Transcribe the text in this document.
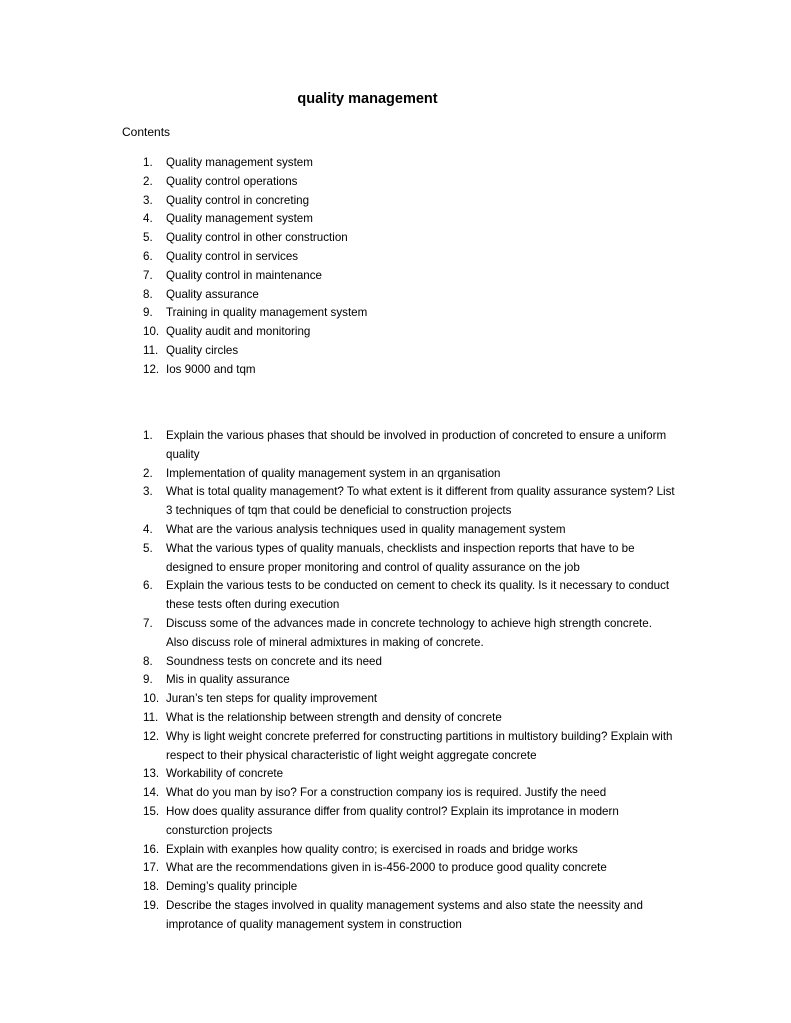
quality management
Contents
1. Quality management system
2. Quality control operations
3. Quality control in concreting
4. Quality management system
5. Quality control in other construction
6. Quality control in services
7. Quality control in maintenance
8. Quality assurance
9. Training in quality management system
10. Quality audit and monitoring
11. Quality circles
12. Ios 9000 and tqm
1. Explain the various phases that should be involved in production of concreted to ensure a uniform quality
2. Implementation of quality management system in an qrganisation
3. What is total quality management? To what extent is it different from quality assurance system? List 3 techniques of tqm that could be deneficial to construction projects
4. What are the various analysis techniques used in quality management system
5. What the various types of quality manuals, checklists and inspection reports that have to be designed to ensure proper monitoring and control of quality assurance on the job
6. Explain the various tests to be conducted on cement to check its quality. Is it necessary to conduct these tests often during execution
7. Discuss some of the advances made in concrete technology to achieve high strength concrete. Also discuss role of mineral admixtures in making of concrete.
8. Soundness tests on concrete and its need
9. Mis in quality assurance
10. Juran’s ten steps for quality improvement
11. What is the relationship between strength and density of concrete
12. Why is light weight concrete preferred for constructing partitions in multistory building? Explain with respect to their physical characteristic of light weight aggregate concrete
13. Workability of concrete
14. What do you man by iso? For a construction company ios is required. Justify the need
15. How does quality assurance differ from quality control? Explain its improtance in modern consturction projects
16. Explain with exanples how quality contro; is exercised in roads and bridge works
17. What are the recommendations given in is-456-2000 to produce good quality concrete
18. Deming’s quality principle
19. Describe the stages involved in quality management systems and also state the neessity and improtance of quality management system in construction
